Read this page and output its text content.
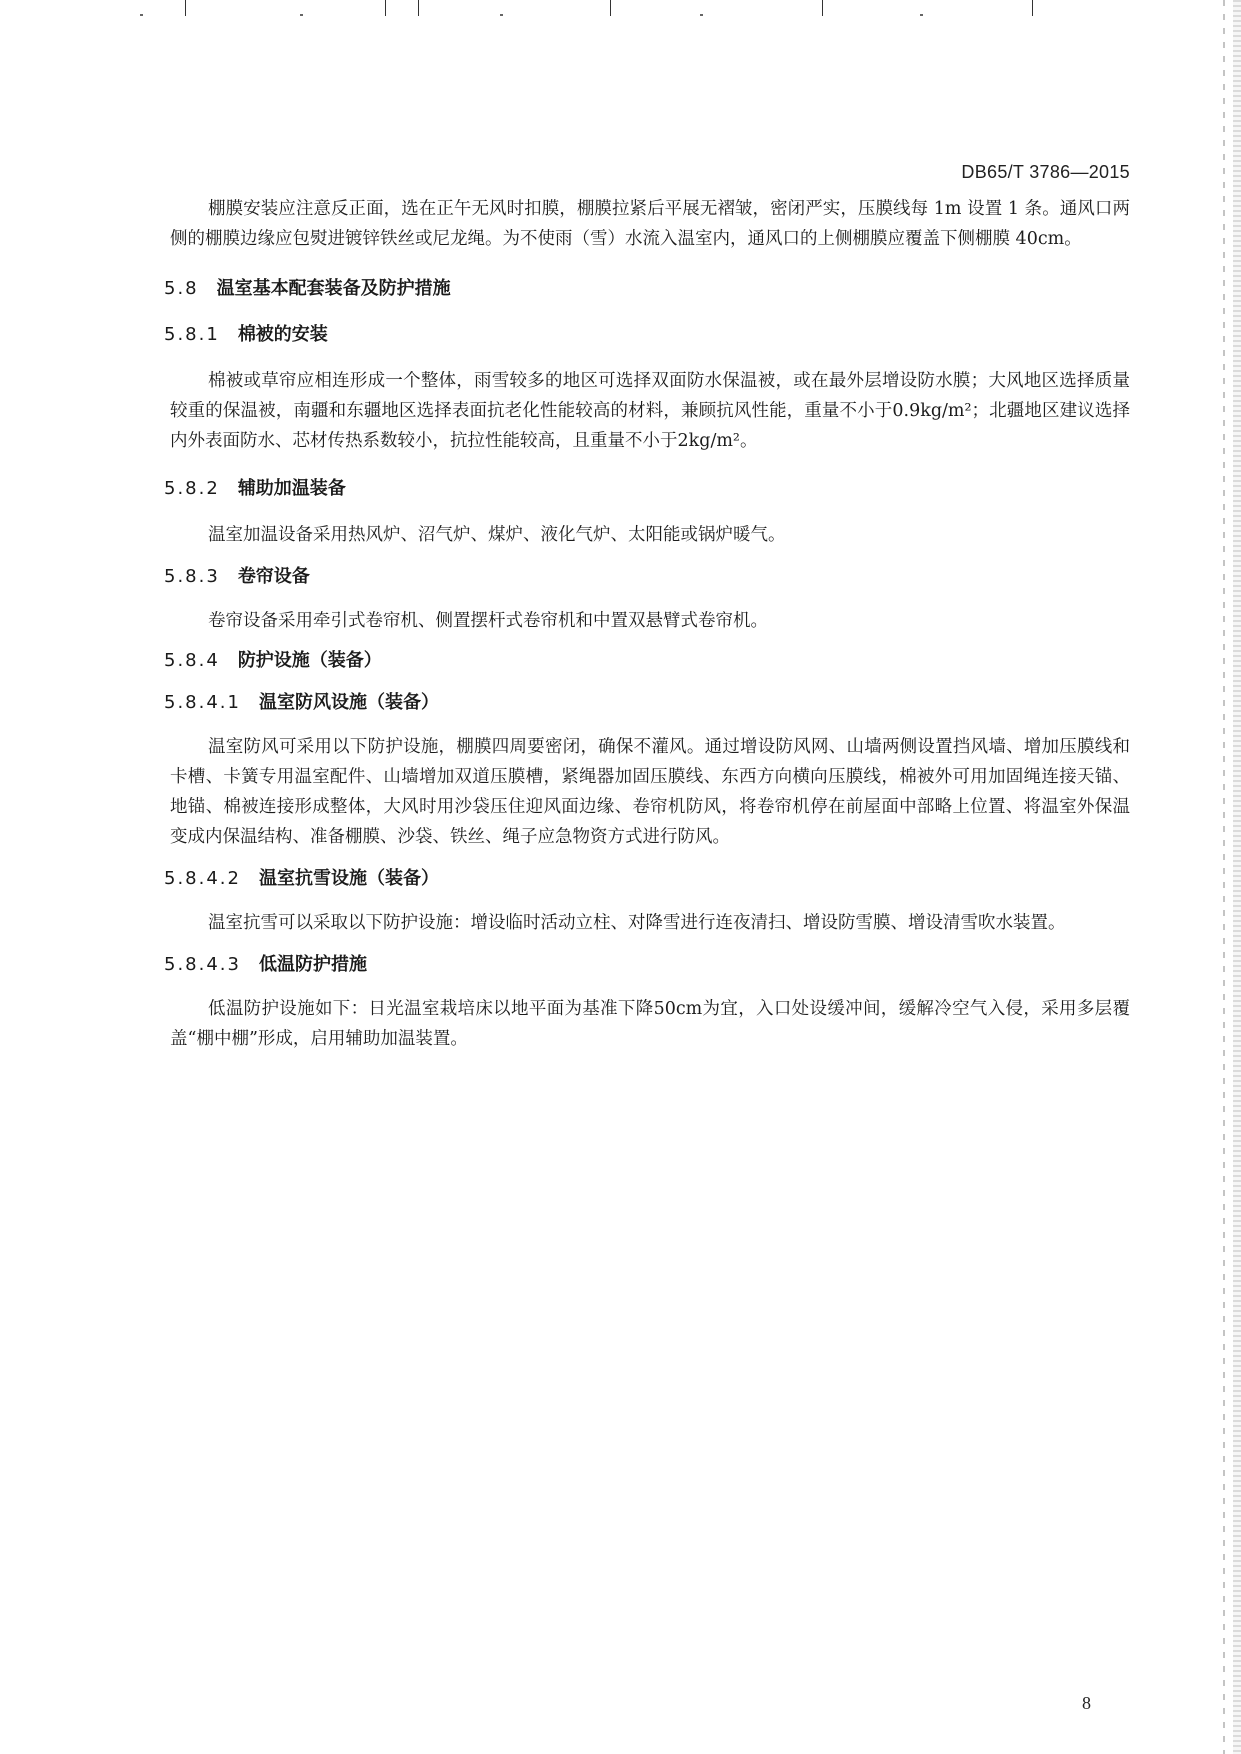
DB65/T 3786—2015

棚膜安装应注意反正面，选在正午无风时扣膜，棚膜拉紧后平展无褶皱，密闭严实，压膜线每 1m 设置 1 条。通风口两侧的棚膜边缘应包熨进镀锌铁丝或尼龙绳。为不使雨（雪）水流入温室内，通风口的上侧棚膜应覆盖下侧棚膜 40cm。

5.8 温室基本配套装备及防护措施

5.8.1 棉被的安装

棉被或草帘应相连形成一个整体，雨雪较多的地区可选择双面防水保温被，或在最外层增设防水膜；大风地区选择质量较重的保温被，南疆和东疆地区选择表面抗老化性能较高的材料，兼顾抗风性能，重量不小于0.9kg/m²；北疆地区建议选择内外表面防水、芯材传热系数较小，抗拉性能较高，且重量不小于2kg/m²。

5.8.2 辅助加温装备

温室加温设备采用热风炉、沼气炉、煤炉、液化气炉、太阳能或锅炉暖气。

5.8.3 卷帘设备

卷帘设备采用牵引式卷帘机、侧置摆杆式卷帘机和中置双悬臂式卷帘机。

5.8.4 防护设施（装备）

5.8.4.1 温室防风设施（装备）

温室防风可采用以下防护设施，棚膜四周要密闭，确保不灌风。通过增设防风网、山墙两侧设置挡风墙、增加压膜线和卡槽、卡簧专用温室配件、山墙增加双道压膜槽，紧绳器加固压膜线、东西方向横向压膜线，棉被外可用加固绳连接天锚、地锚、棉被连接形成整体，大风时用沙袋压住迎风面边缘、卷帘机防风，将卷帘机停在前屋面中部略上位置、将温室外保温变成内保温结构、准备棚膜、沙袋、铁丝、绳子应急物资方式进行防风。

5.8.4.2 温室抗雪设施（装备）

温室抗雪可以采取以下防护设施：增设临时活动立柱、对降雪进行连夜清扫、增设防雪膜、增设清雪吹水装置。

5.8.4.3 低温防护措施

低温防护设施如下：日光温室栽培床以地平面为基准下降50cm为宜，入口处设缓冲间，缓解冷空气入侵，采用多层覆盖“棚中棚”形成，启用辅助加温装置。

8
